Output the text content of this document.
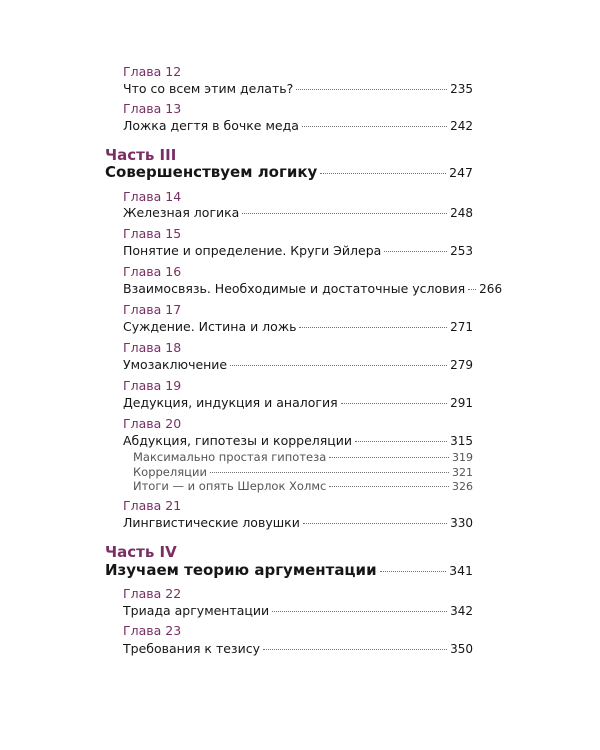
Глава 12
Что со всем этим делать?	235
Глава 13
Ложка дегтя в бочке меда	242
Часть III
Совершенствуем логику	247
Глава 14
Железная логика	248
Глава 15
Понятие и определение. Круги Эйлера	253
Глава 16
Взаимосвязь. Необходимые и достаточные условия 266
Глава 17
Суждение. Истина и ложь	271
Глава 18
Умозаключение	279
Глава 19
Дедукция, индукция и аналогия	291
Глава 20
Абдукция, гипотезы и корреляции	315
Максимально простая гипотеза	319
Корреляции	321
Итоги — и опять Шерлок Холмс	326
Глава 21
Лингвистические ловушки	330
Часть IV
Изучаем теорию аргументации	341
Глава 22
Триада аргументации	342
Глава 23
Требования к тезису	350
